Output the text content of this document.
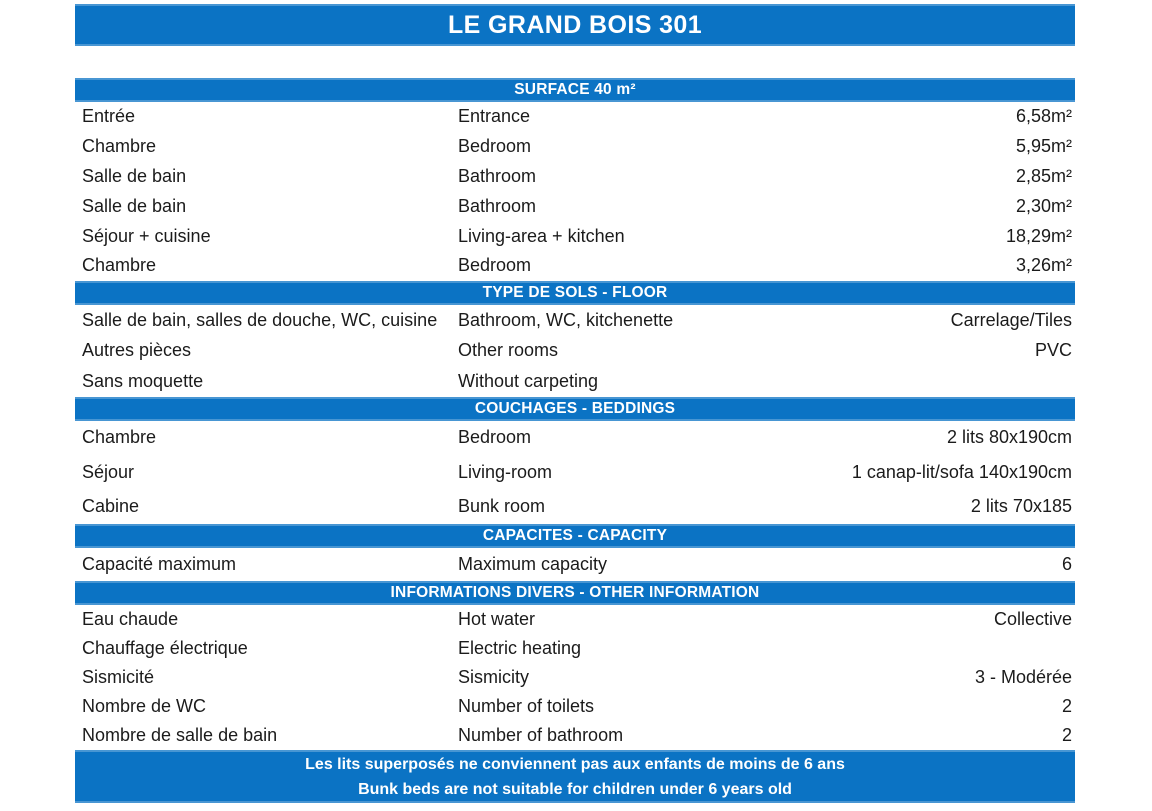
LE GRAND BOIS 301
SURFACE 40 m²
Entrée	Entrance	6,58m²
Chambre	Bedroom	5,95m²
Salle de bain	Bathroom	2,85m²
Salle de bain	Bathroom	2,30m²
Séjour + cuisine	Living-area + kitchen	18,29m²
Chambre	Bedroom	3,26m²
TYPE DE SOLS - FLOOR
Salle de bain, salles de douche, WC, cuisine	Bathroom, WC, kitchenette	Carrelage/Tiles
Autres pièces	Other rooms	PVC
Sans moquette	Without carpeting
COUCHAGES - BEDDINGS
Chambre	Bedroom	2 lits 80x190cm
Séjour	Living-room	1 canap-lit/sofa 140x190cm
Cabine	Bunk room	2 lits 70x185
CAPACITES - CAPACITY
Capacité maximum	Maximum capacity	6
INFORMATIONS DIVERS - OTHER INFORMATION
Eau chaude	Hot water	Collective
Chauffage électrique	Electric heating
Sismicité	Sismicity	3 - Modérée
Nombre de WC	Number of toilets	2
Nombre de salle de bain	Number of bathroom	2
Les lits superposés ne conviennent pas aux enfants de moins de 6 ans
Bunk beds are not suitable for children under 6 years old
